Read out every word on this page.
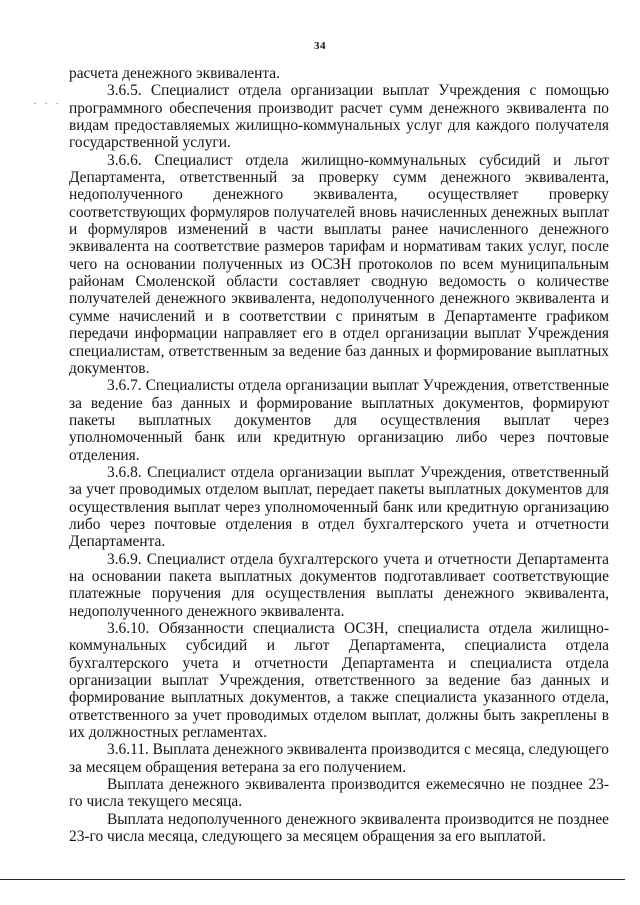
34
. . .

расчета денежного эквивалента.

3.6.5. Специалист отдела организации выплат Учреждения с помощью программного обеспечения производит расчет сумм денежного эквивалента по видам предоставляемых жилищно-коммунальных услуг для каждого получателя государственной услуги.

3.6.6. Специалист отдела жилищно-коммунальных субсидий и льгот Департамента, ответственный за проверку сумм денежного эквивалента, недополученного денежного эквивалента, осуществляет проверку соответствующих формуляров получателей вновь начисленных денежных выплат и формуляров изменений в части выплаты ранее начисленного денежного эквивалента на соответствие размеров тарифам и нормативам таких услуг, после чего на основании полученных из ОСЗН протоколов по всем муниципальным районам Смоленской области составляет сводную ведомость о количестве получателей денежного эквивалента, недополученного денежного эквивалента и сумме начислений и в соответствии с принятым в Департаменте графиком передачи информации направляет его в отдел организации выплат Учреждения специалистам, ответственным за ведение баз данных и формирование выплатных документов.

3.6.7. Специалисты отдела организации выплат Учреждения, ответственные за ведение баз данных и формирование выплатных документов, формируют пакеты выплатных документов для осуществления выплат через уполномоченный банк или кредитную организацию либо через почтовые отделения.

3.6.8. Специалист отдела организации выплат Учреждения, ответственный за учет проводимых отделом выплат, передает пакеты выплатных документов для осуществления выплат через уполномоченный банк или кредитную организацию либо через почтовые отделения в отдел бухгалтерского учета и отчетности Департамента.

3.6.9. Специалист отдела бухгалтерского учета и отчетности Департамента на основании пакета выплатных документов подготавливает соответствующие платежные поручения для осуществления выплаты денежного эквивалента, недополученного денежного эквивалента.

3.6.10. Обязанности специалиста ОСЗН, специалиста отдела жилищно-коммунальных субсидий и льгот Департамента, специалиста отдела бухгалтерского учета и отчетности Департамента и специалиста отдела организации выплат Учреждения, ответственного за ведение баз данных и формирование выплатных документов, а также специалиста указанного отдела, ответственного за учет проводимых отделом выплат, должны быть закреплены в их должностных регламентах.

3.6.11. Выплата денежного эквивалента производится с месяца, следующего за месяцем обращения ветерана за его получением.

Выплата денежного эквивалента производится ежемесячно не позднее 23-го числа текущего месяца.

Выплата недополученного денежного эквивалента производится не позднее 23-го числа месяца, следующего за месяцем обращения за его выплатой.
